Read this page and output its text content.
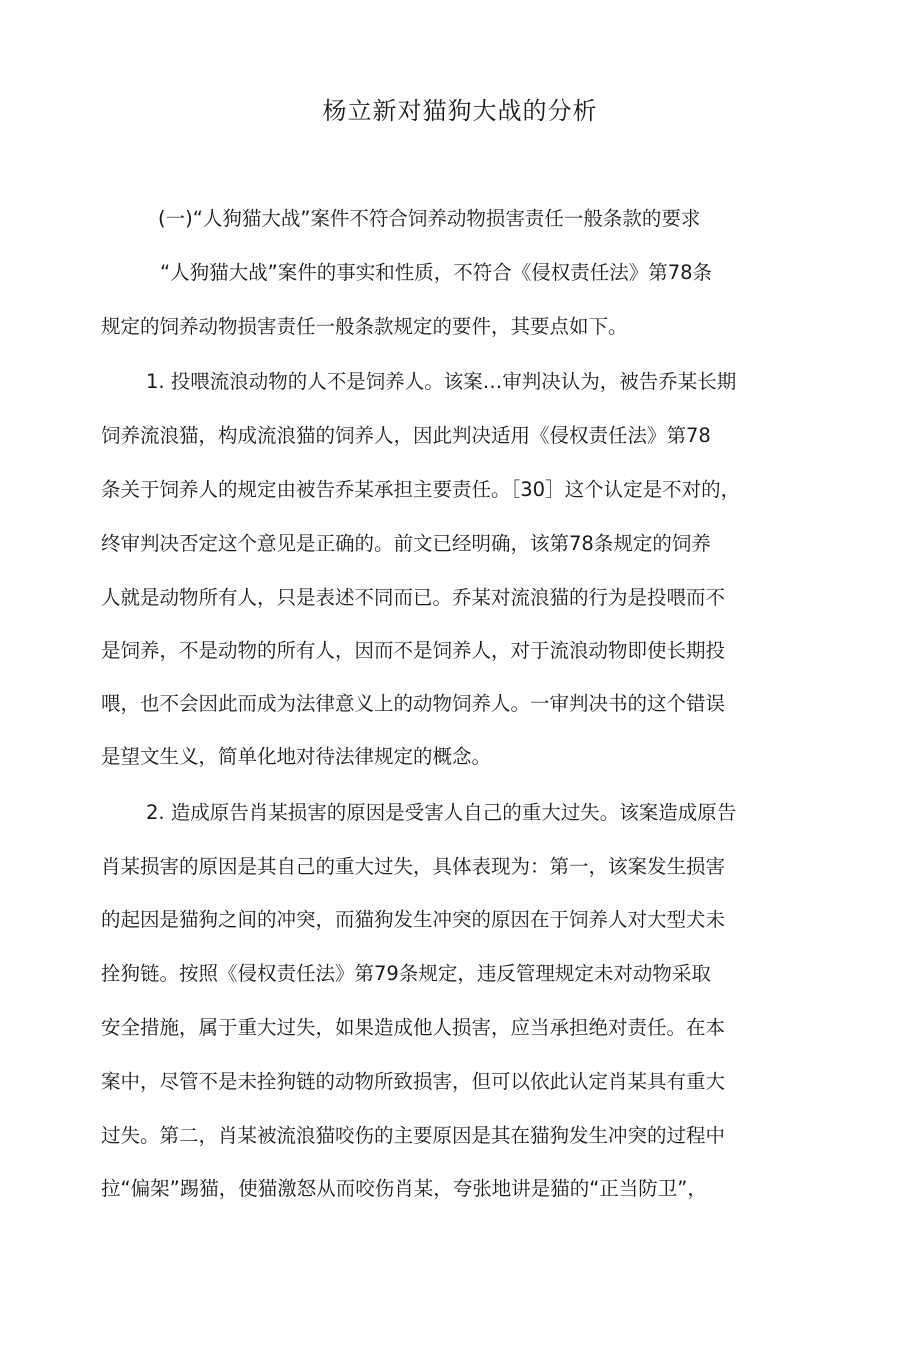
杨立新对猫狗大战的分析
(一)“人狗猫大战”案件不符合饲养动物损害责任一般条款的要求
“人狗猫大战”案件的事实和性质，不符合《侵权责任法》第78条
规定的饲养动物损害责任一般条款规定的要件，其要点如下。
1. 投喂流浪动物的人不是饲养人。该案…审判决认为，被告乔某长期
饲养流浪猫，构成流浪猫的饲养人，因此判决适用《侵权责任法》第78
条关于饲养人的规定由被告乔某承担主要责任。［30］这个认定是不对的，
终审判决否定这个意见是正确的。前文已经明确，该第78条规定的饲养
人就是动物所有人，只是表述不同而已。乔某对流浪猫的行为是投喂而不
是饲养，不是动物的所有人，因而不是饲养人，对于流浪动物即使长期投
喂，也不会因此而成为法律意义上的动物饲养人。一审判决书的这个错误
是望文生义，简单化地对待法律规定的概念。
2. 造成原告肖某损害的原因是受害人自己的重大过失。该案造成原告
肖某损害的原因是其自己的重大过失，具体表现为：第一，该案发生损害
的起因是猫狗之间的冲突，而猫狗发生冲突的原因在于饲养人对大型犬未
拴狗链。按照《侵权责任法》第79条规定，违反管理规定未对动物采取
安全措施，属于重大过失，如果造成他人损害，应当承担绝对责任。在本
案中，尽管不是未拴狗链的动物所致损害，但可以依此认定肖某具有重大
过失。第二，肖某被流浪猫咬伤的主要原因是其在猫狗发生冲突的过程中
拉“偏架”踢猫，使猫激怒从而咬伤肖某，夸张地讲是猫的“正当防卫”，
